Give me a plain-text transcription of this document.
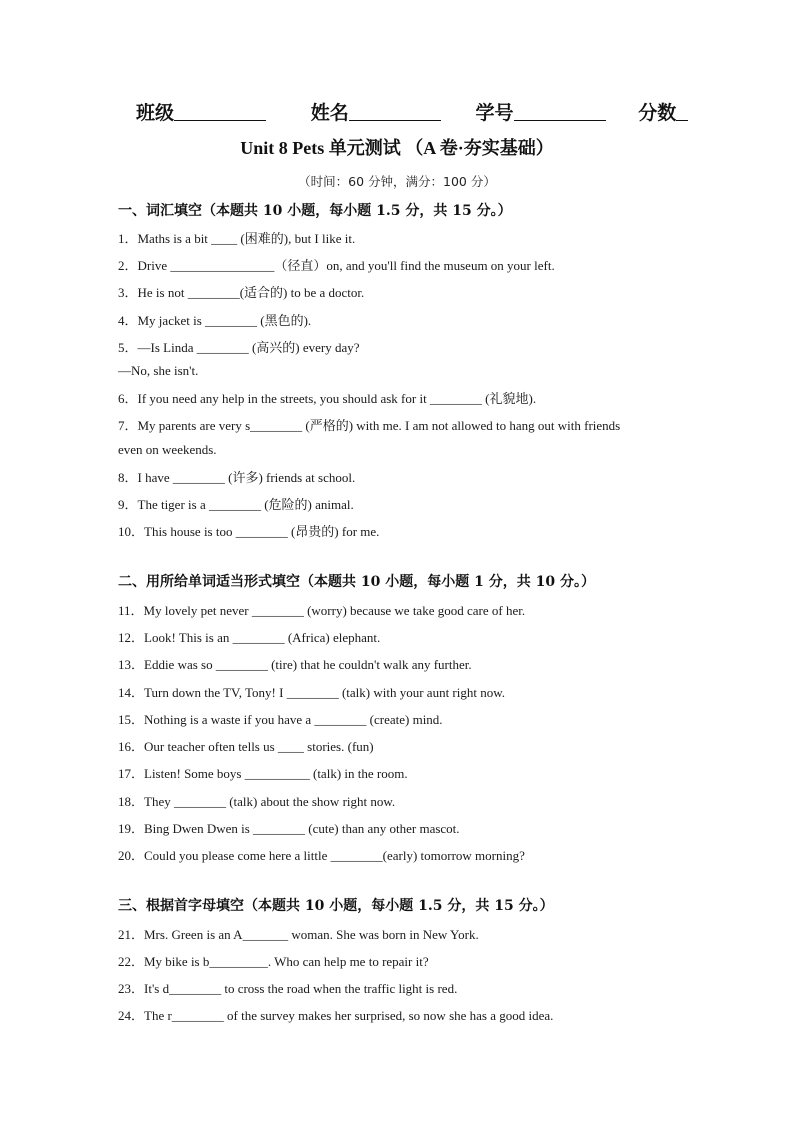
班级	姓名	学号	分数
Unit 8 Pets 单元测试 （A 卷·夯实基础）
（时间：60 分钟，满分：100 分）
一、词汇填空（本题共 10 小题，每小题 1.5 分，共 15 分。）
1．Maths is a bit ____ (困难的), but I like it.
2．Drive ________________（径直）on, and you'll find the museum on your left.
3．He is not ________(适合的) to be a doctor.
4．My jacket is ________ (黑色的).
5．—Is Linda ________ (高兴的) every day?
—No, she isn't.
6．If you need any help in the streets, you should ask for it ________ (礼貌地).
7．My parents are very s________ (严格的) with me. I am not allowed to hang out with friends
even on weekends.
8．I have ________ (许多) friends at school.
9．The tiger is a ________ (危险的) animal.
10．This house is too ________ (昂贵的) for me.
二、用所给单词适当形式填空（本题共 10 小题，每小题 1 分，共 10 分。）
11．My lovely pet never ________ (worry) because we take good care of her.
12．Look! This is an ________ (Africa) elephant.
13．Eddie was so ________ (tire) that he couldn't walk any further.
14．Turn down the TV, Tony! I ________ (talk) with your aunt right now.
15．Nothing is a waste if you have a ________ (create) mind.
16．Our teacher often tells us ____ stories. (fun)
17．Listen! Some boys __________ (talk) in the room.
18．They ________ (talk) about the show right now.
19．Bing Dwen Dwen is ________ (cute) than any other mascot.
20．Could you please come here a little ________(early) tomorrow morning?
三、根据首字母填空（本题共 10 小题，每小题 1.5 分，共 15 分。）
21．Mrs. Green is an A_______ woman. She was born in New York.
22．My bike is b_________. Who can help me to repair it?
23．It's d________ to cross the road when the traffic light is red.
24．The r________ of the survey makes her surprised, so now she has a good idea.
